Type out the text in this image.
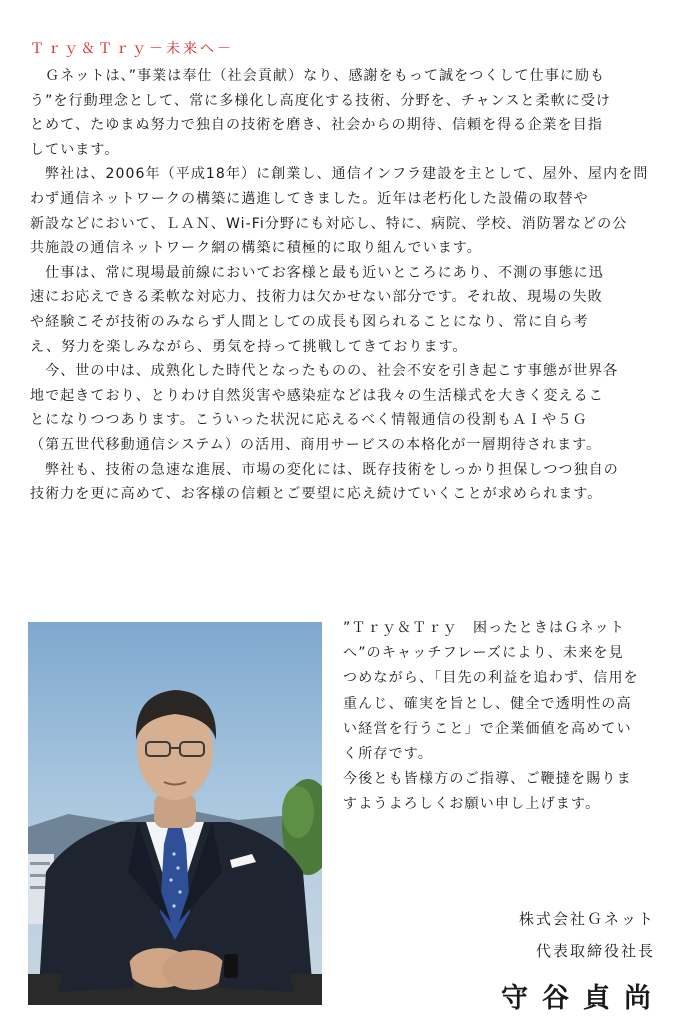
Ｔｒｙ＆Ｔｒｙ－未来へ－
　Ｇネットは、”事業は奉仕（社会貢献）なり、感謝をもって誠をつくして仕事に励も
う”を行動理念として、常に多様化し高度化する技術、分野を、チャンスと柔軟に受け
とめて、たゆまぬ努力で独自の技術を磨き、社会からの期待、信頼を得る企業を目指
しています。
　弊社は、2006年（平成18年）に創業し、通信インフラ建設を主として、屋外、屋内を問
わず通信ネットワークの構築に邁進してきました。近年は老朽化した設備の取替や
新設などにおいて、ＬＡＮ、Wi-Fi分野にも対応し、特に、病院、学校、消防署などの公
共施設の通信ネットワーク網の構築に積極的に取り組んでいます。
　仕事は、常に現場最前線においてお客様と最も近いところにあり、不測の事態に迅
速にお応えできる柔軟な対応力、技術力は欠かせない部分です。それ故、現場の失敗
や経験こそが技術のみならず人間としての成長も図られることになり、常に自ら考
え、努力を楽しみながら、勇気を持って挑戦してきております。
　今、世の中は、成熟化した時代となったものの、社会不安を引き起こす事態が世界各
地で起きており、とりわけ自然災害や感染症などは我々の生活様式を大きく変えるこ
とになりつつあります。こういった状況に応えるべく情報通信の役割もＡＩや５Ｇ
（第五世代移動通信システム）の活用、商用サービスの本格化が一層期待されます。
　弊社も、技術の急速な進展、市場の変化には、既存技術をしっかり担保しつつ独自の
技術力を更に高めて、お客様の信頼とご要望に応え続けていくことが求められます。
”Ｔｒｙ＆Ｔｒｙ　困ったときはＧネット
へ”のキャッチフレーズにより、未来を見
つめながら、「目先の利益を追わず、信用を
重んじ、確実を旨とし、健全で透明性の高
い経営を行うこと」で企業価値を高めてい
く所存です。
今後とも皆様方のご指導、ご鞭撻を賜りま
すようよろしくお願い申し上げます。
株式会社Ｇネット
代表取締役社長
守谷貞尚
